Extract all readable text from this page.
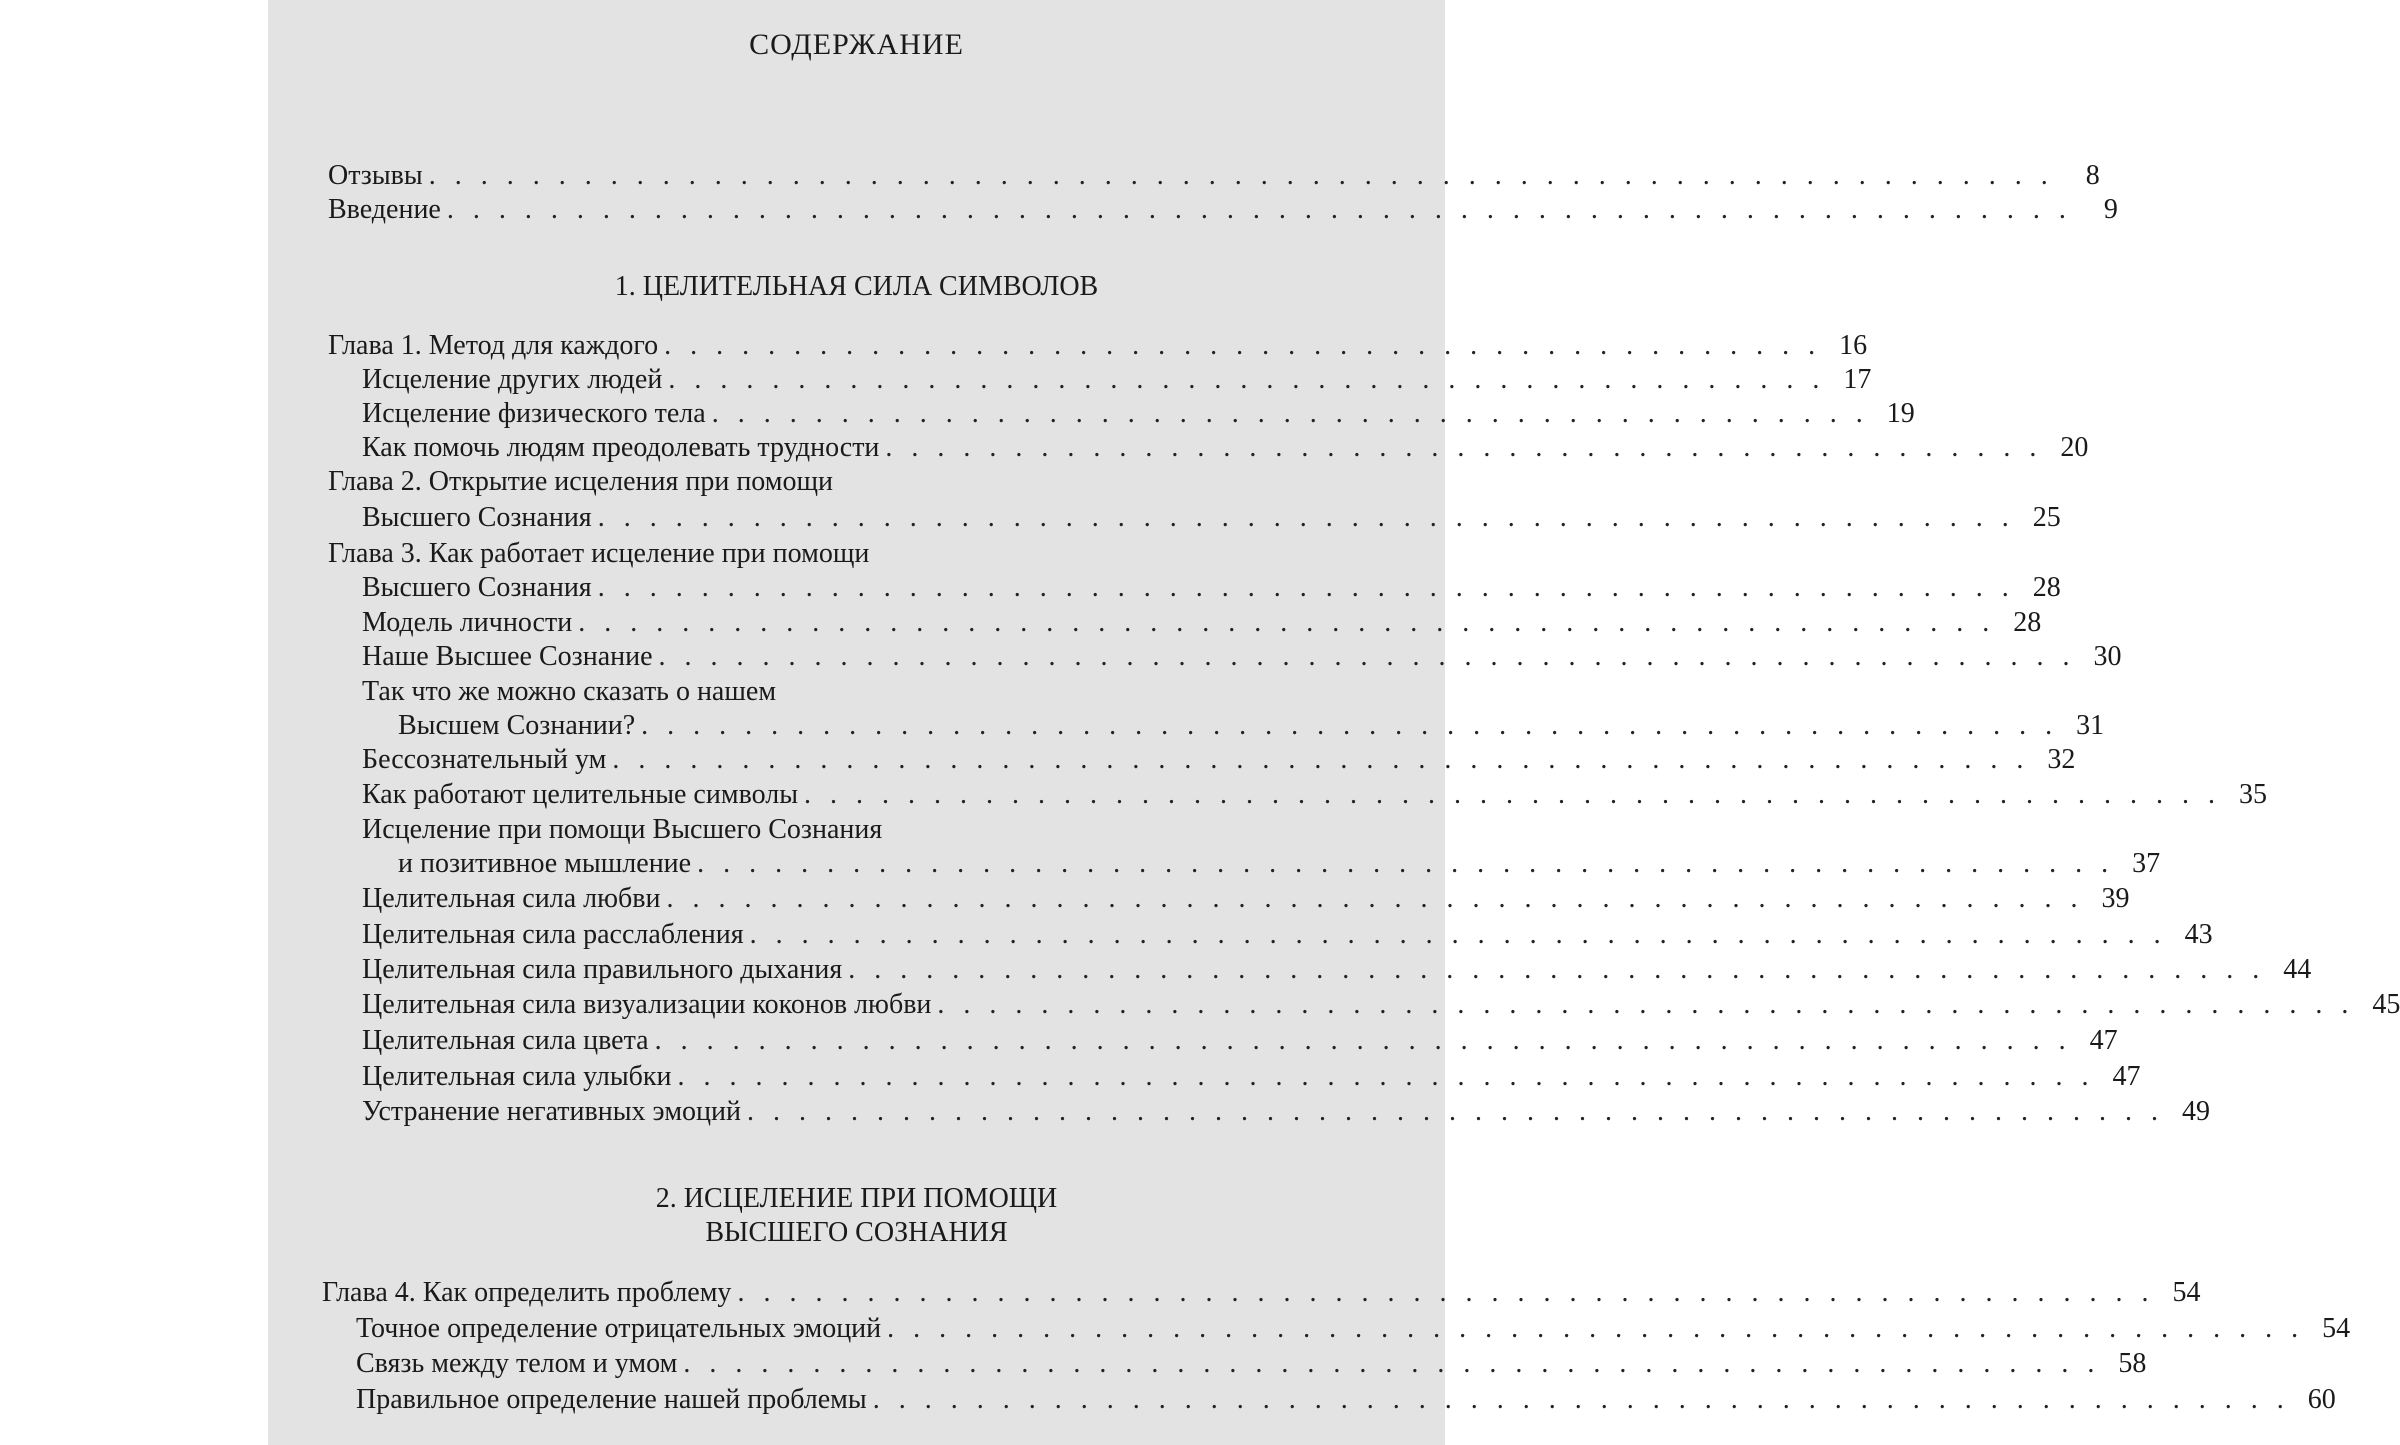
СОДЕРЖАНИЕ
Отзывы . . . . . . . . . . . . . . . . . . . . . . . . . . . . . . . . . . . . . . . . . . . . . . . . . . . . . . . . . . . . . . .	8
Введение . . . . . . . . . . . . . . . . . . . . . . . . . . . . . . . . . . . . . . . . . . . . . . . . . . . . . . . . . . . . . . .	9
1. ЦЕЛИТЕЛЬНАЯ СИЛА СИМВОЛОВ
Глава 1. Метод для каждого . . . . . . . . . . . . . . . . . . . . . . . . . . . . . . . . . . . . . . . . . . . . . 16
Исцеление других людей . . . . . . . . . . . . . . . . . . . . . . . . . . . . . . . . . . . . . . . . . . . . . 17
Исцеление физического тела . . . . . . . . . . . . . . . . . . . . . . . . . . . . . . . . . . . . . . . . . . . . . 19
Как помочь людям преодолевать трудности . . . . . . . . . . . . . . . . . . . . . . . . . . . . . . . . . . . . . . . . . . . . . 20
Глава 2. Открытие исцеления при помощи
Высшего Сознания . . . . . . . . . . . . . . . . . . . . . . . . . . . . . . . . . . . . . . . . . . . . . . . . . . . . . . . 25
Глава 3. Как работает исцеление при помощи
Высшего Сознания . . . . . . . . . . . . . . . . . . . . . . . . . . . . . . . . . . . . . . . . . . . . . . . . . . . . . . . 28
Модель личности . . . . . . . . . . . . . . . . . . . . . . . . . . . . . . . . . . . . . . . . . . . . . . . . . . . . . . . 28
Наше Высшее Сознание . . . . . . . . . . . . . . . . . . . . . . . . . . . . . . . . . . . . . . . . . . . . . . . . . . . . . . . 30
Так что же можно сказать о нашем
Высшем Сознании? . . . . . . . . . . . . . . . . . . . . . . . . . . . . . . . . . . . . . . . . . . . . . . . . . . . . . . . 31
Бессознательный ум . . . . . . . . . . . . . . . . . . . . . . . . . . . . . . . . . . . . . . . . . . . . . . . . . . . . . . . 32
Как работают целительные символы . . . . . . . . . . . . . . . . . . . . . . . . . . . . . . . . . . . . . . . . . . . . . . . . . . . . . . . 35
Исцеление при помощи Высшего Сознания
и позитивное мышление . . . . . . . . . . . . . . . . . . . . . . . . . . . . . . . . . . . . . . . . . . . . . . . . . . . . . . . 37
Целительная сила любви . . . . . . . . . . . . . . . . . . . . . . . . . . . . . . . . . . . . . . . . . . . . . . . . . . . . . . . 39
Целительная сила расслабления . . . . . . . . . . . . . . . . . . . . . . . . . . . . . . . . . . . . . . . . . . . . . . . . . . . . . . . 43
Целительная сила правильного дыхания . . . . . . . . . . . . . . . . . . . . . . . . . . . . . . . . . . . . . . . . . . . . . . . . . . . . . . . 44
Целительная сила визуализации коконов любви . . . . . . . . . . . . . . . . . . . . . . . . . . . . . . . . . . . . . . . . . . . . . . . . . . . . . . . 45
Целительная сила цвета . . . . . . . . . . . . . . . . . . . . . . . . . . . . . . . . . . . . . . . . . . . . . . . . . . . . . . . 47
Целительная сила улыбки . . . . . . . . . . . . . . . . . . . . . . . . . . . . . . . . . . . . . . . . . . . . . . . . . . . . . . . 47
Устранение негативных эмоций . . . . . . . . . . . . . . . . . . . . . . . . . . . . . . . . . . . . . . . . . . . . . . . . . . . . . . . 49
2. ИСЦЕЛЕНИЕ ПРИ ПОМОЩИ
ВЫСШЕГО СОЗНАНИЯ
Глава 4. Как определить проблему . . . . . . . . . . . . . . . . . . . . . . . . . . . . . . . . . . . . . . . . . . . . . . . . . . . . . . . 54
Точное определение отрицательных эмоций . . . . . . . . . . . . . . . . . . . . . . . . . . . . . . . . . . . . . . . . . . . . . . . . . . . . . . . 54
Связь между телом и умом . . . . . . . . . . . . . . . . . . . . . . . . . . . . . . . . . . . . . . . . . . . . . . . . . . . . . . . 58
Правильное определение нашей проблемы . . . . . . . . . . . . . . . . . . . . . . . . . . . . . . . . . . . . . . . . . . . . . . . . . . . . . . . 60
